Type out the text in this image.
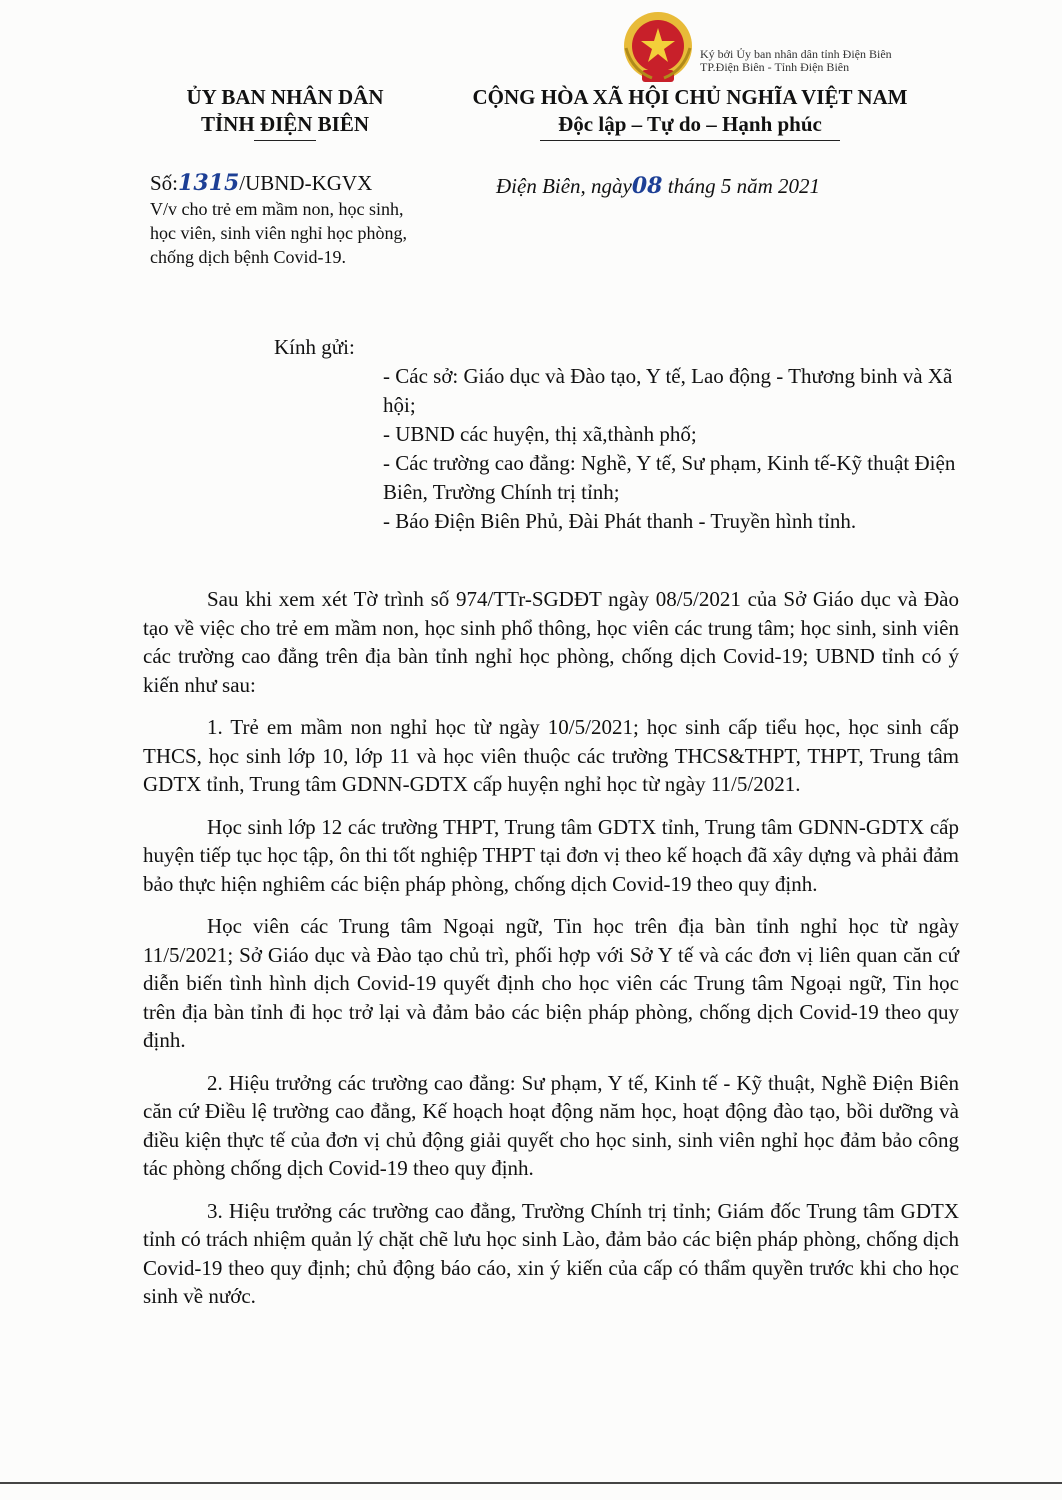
Ký bởi Ủy ban nhân dân tỉnh Điện Biên
TP.Điện Biên - Tỉnh Điện Biên
ỦY BAN NHÂN DÂN
TỈNH ĐIỆN BIÊN
CỘNG HÒA XÃ HỘI CHỦ NGHĨA VIỆT NAM
Độc lập – Tự do – Hạnh phúc
Số:1315/UBND-KGVX
V/v cho trẻ em mầm non, học sinh, học viên, sinh viên nghỉ học phòng, chống dịch bệnh Covid-19.
Điện Biên, ngày08 tháng 5 năm 2021
Kính gửi:

- Các sở: Giáo dục và Đào tạo, Y tế, Lao động - Thương binh và Xã hội;

- UBND các huyện, thị xã,thành phố;

- Các trường cao đẳng: Nghề, Y tế, Sư phạm, Kinh tế-Kỹ thuật Điện Biên, Trường Chính trị tỉnh;

- Báo Điện Biên Phủ, Đài Phát thanh - Truyền hình tỉnh.

Sau khi xem xét Tờ trình số 974/TTr-SGDĐT ngày 08/5/2021 của Sở Giáo dục và Đào tạo về việc cho trẻ em mầm non, học sinh phổ thông, học viên các trung tâm; học sinh, sinh viên các trường cao đẳng trên địa bàn tỉnh nghỉ học phòng, chống dịch Covid-19; UBND tỉnh có ý kiến như sau:

1. Trẻ em mầm non nghỉ học từ ngày 10/5/2021; học sinh cấp tiểu học, học sinh cấp THCS, học sinh lớp 10, lớp 11 và học viên thuộc các trường THCS&THPT, THPT, Trung tâm GDTX tỉnh, Trung tâm GDNN-GDTX cấp huyện nghỉ học từ ngày 11/5/2021.

Học sinh lớp 12 các trường THPT, Trung tâm GDTX tỉnh, Trung tâm GDNN-GDTX cấp huyện tiếp tục học tập, ôn thi tốt nghiệp THPT tại đơn vị theo kế hoạch đã xây dựng và phải đảm bảo thực hiện nghiêm các biện pháp phòng, chống dịch Covid-19 theo quy định.

Học viên các Trung tâm Ngoại ngữ, Tin học trên địa bàn tỉnh nghỉ học từ ngày 11/5/2021; Sở Giáo dục và Đào tạo chủ trì, phối hợp với Sở Y tế và các đơn vị liên quan căn cứ diễn biến tình hình dịch Covid-19 quyết định cho học viên các Trung tâm Ngoại ngữ, Tin học trên địa bàn tỉnh đi học trở lại và đảm bảo các biện pháp phòng, chống dịch Covid-19 theo quy định.

2. Hiệu trưởng các trường cao đẳng: Sư phạm, Y tế, Kinh tế - Kỹ thuật, Nghề Điện Biên căn cứ Điều lệ trường cao đẳng, Kế hoạch hoạt động năm học, hoạt động đào tạo, bồi dưỡng và điều kiện thực tế của đơn vị chủ động giải quyết cho học sinh, sinh viên nghỉ học đảm bảo công tác phòng chống dịch Covid-19 theo quy định.

3. Hiệu trưởng các trường cao đẳng, Trường Chính trị tỉnh; Giám đốc Trung tâm GDTX tỉnh có trách nhiệm quản lý chặt chẽ lưu học sinh Lào, đảm bảo các biện pháp phòng, chống dịch Covid-19 theo quy định; chủ động báo cáo, xin ý kiến của cấp có thẩm quyền trước khi cho học sinh về nước.
